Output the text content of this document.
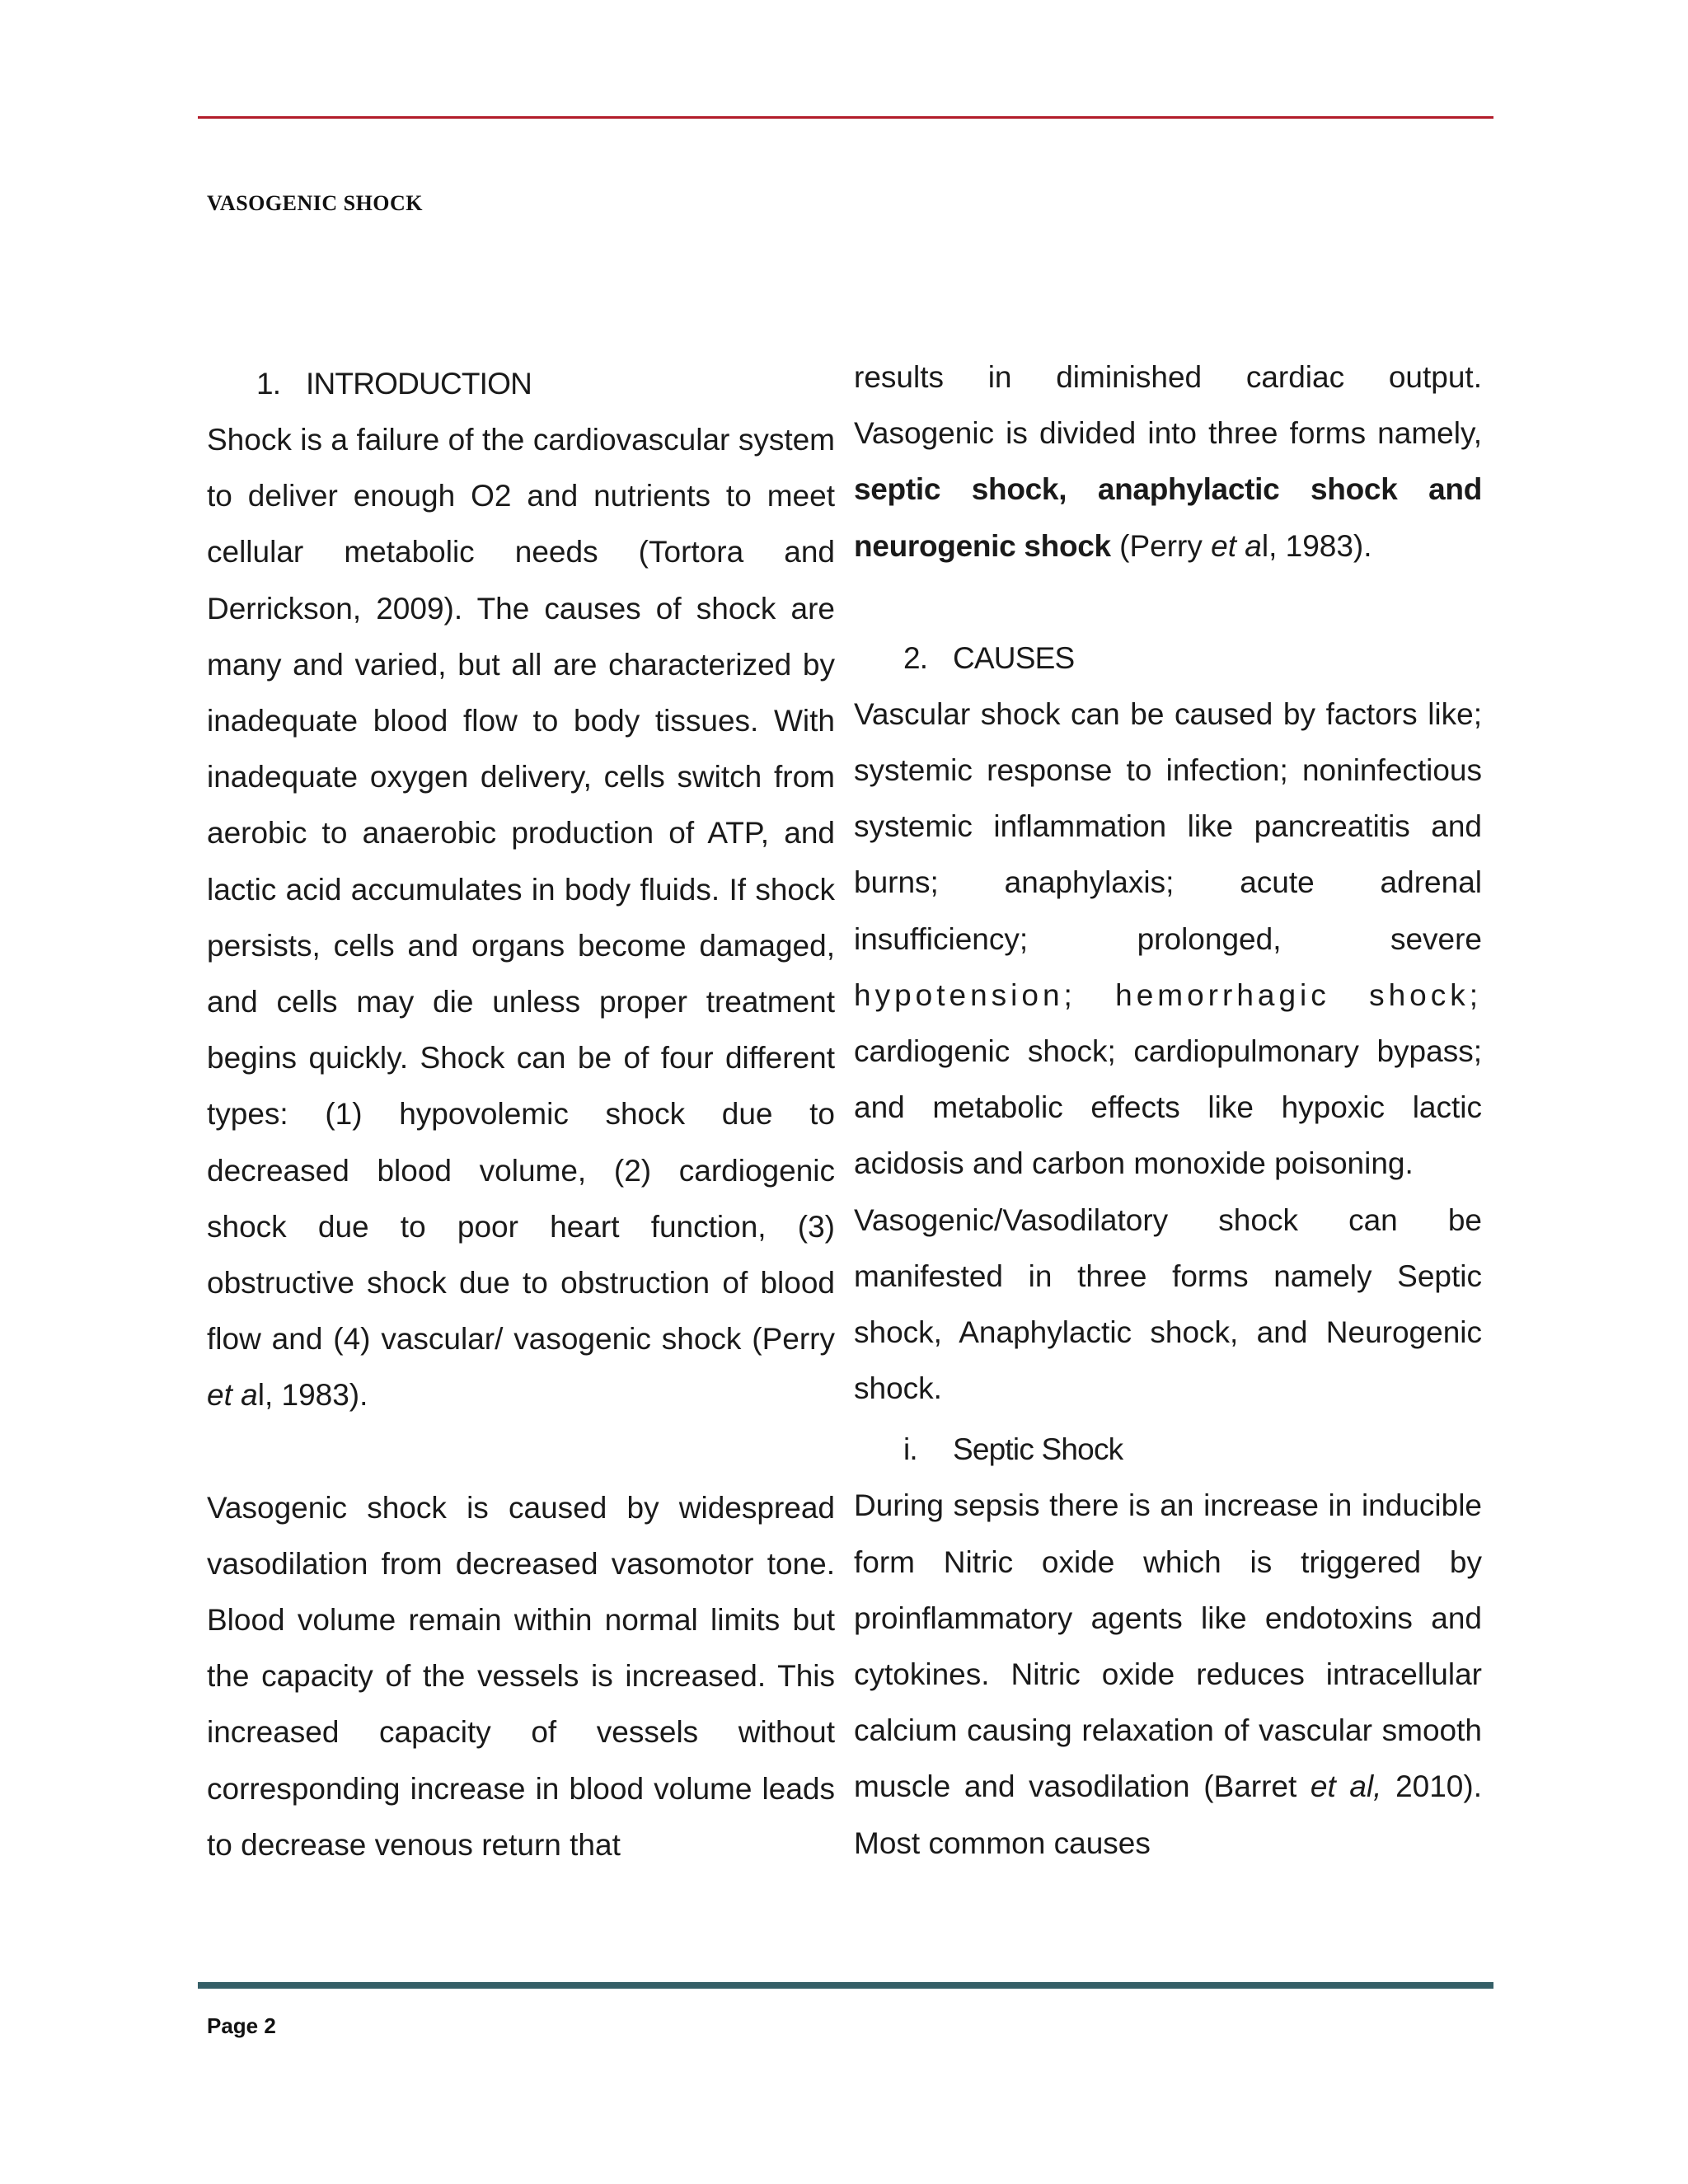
VASOGENIC SHOCK
1. INTRODUCTION

Shock is a failure of the cardiovascular system to deliver enough O2 and nutrients to meet cellular metabolic needs (Tortora and Derrickson, 2009). The causes of shock are many and varied, but all are characterized by inadequate blood flow to body tissues. With inadequate oxygen delivery, cells switch from aerobic to anaerobic production of ATP, and lactic acid accumulates in body fluids. If shock persists, cells and organs become damaged, and cells may die unless proper treatment begins quickly. Shock can be of four different types: (1) hypovolemic shock due to decreased blood volume, (2) cardiogenic shock due to poor heart function, (3) obstructive shock due to obstruction of blood flow and (4) vascular/ vasogenic shock (Perry et al, 1983).

Vasogenic shock is caused by widespread vasodilation from decreased vasomotor tone. Blood volume remain within normal limits but the capacity of the vessels is increased. This increased capacity of vessels without corresponding increase in blood volume leads to decrease venous return that

results in diminished cardiac output. Vasogenic is divided into three forms namely, septic shock, anaphylactic shock and neurogenic shock (Perry et al, 1983).

2. CAUSES

Vascular shock can be caused by factors like; systemic response to infection; noninfectious systemic inflammation like pancreatitis and burns; anaphylaxis; acute adrenal insufficiency; prolonged, severe hypotension; hemorrhagic shock; cardiogenic shock; cardiopulmonary bypass; and metabolic effects like hypoxic lactic acidosis and carbon monoxide poisoning.

Vasogenic/Vasodilatory shock can be manifested in three forms namely Septic shock, Anaphylactic shock, and Neurogenic shock.

i. Septic Shock

During sepsis there is an increase in inducible form Nitric oxide which is triggered by proinflammatory agents like endotoxins and cytokines. Nitric oxide reduces intracellular calcium causing relaxation of vascular smooth muscle and vasodilation (Barret et al, 2010). Most common causes

Page 2
